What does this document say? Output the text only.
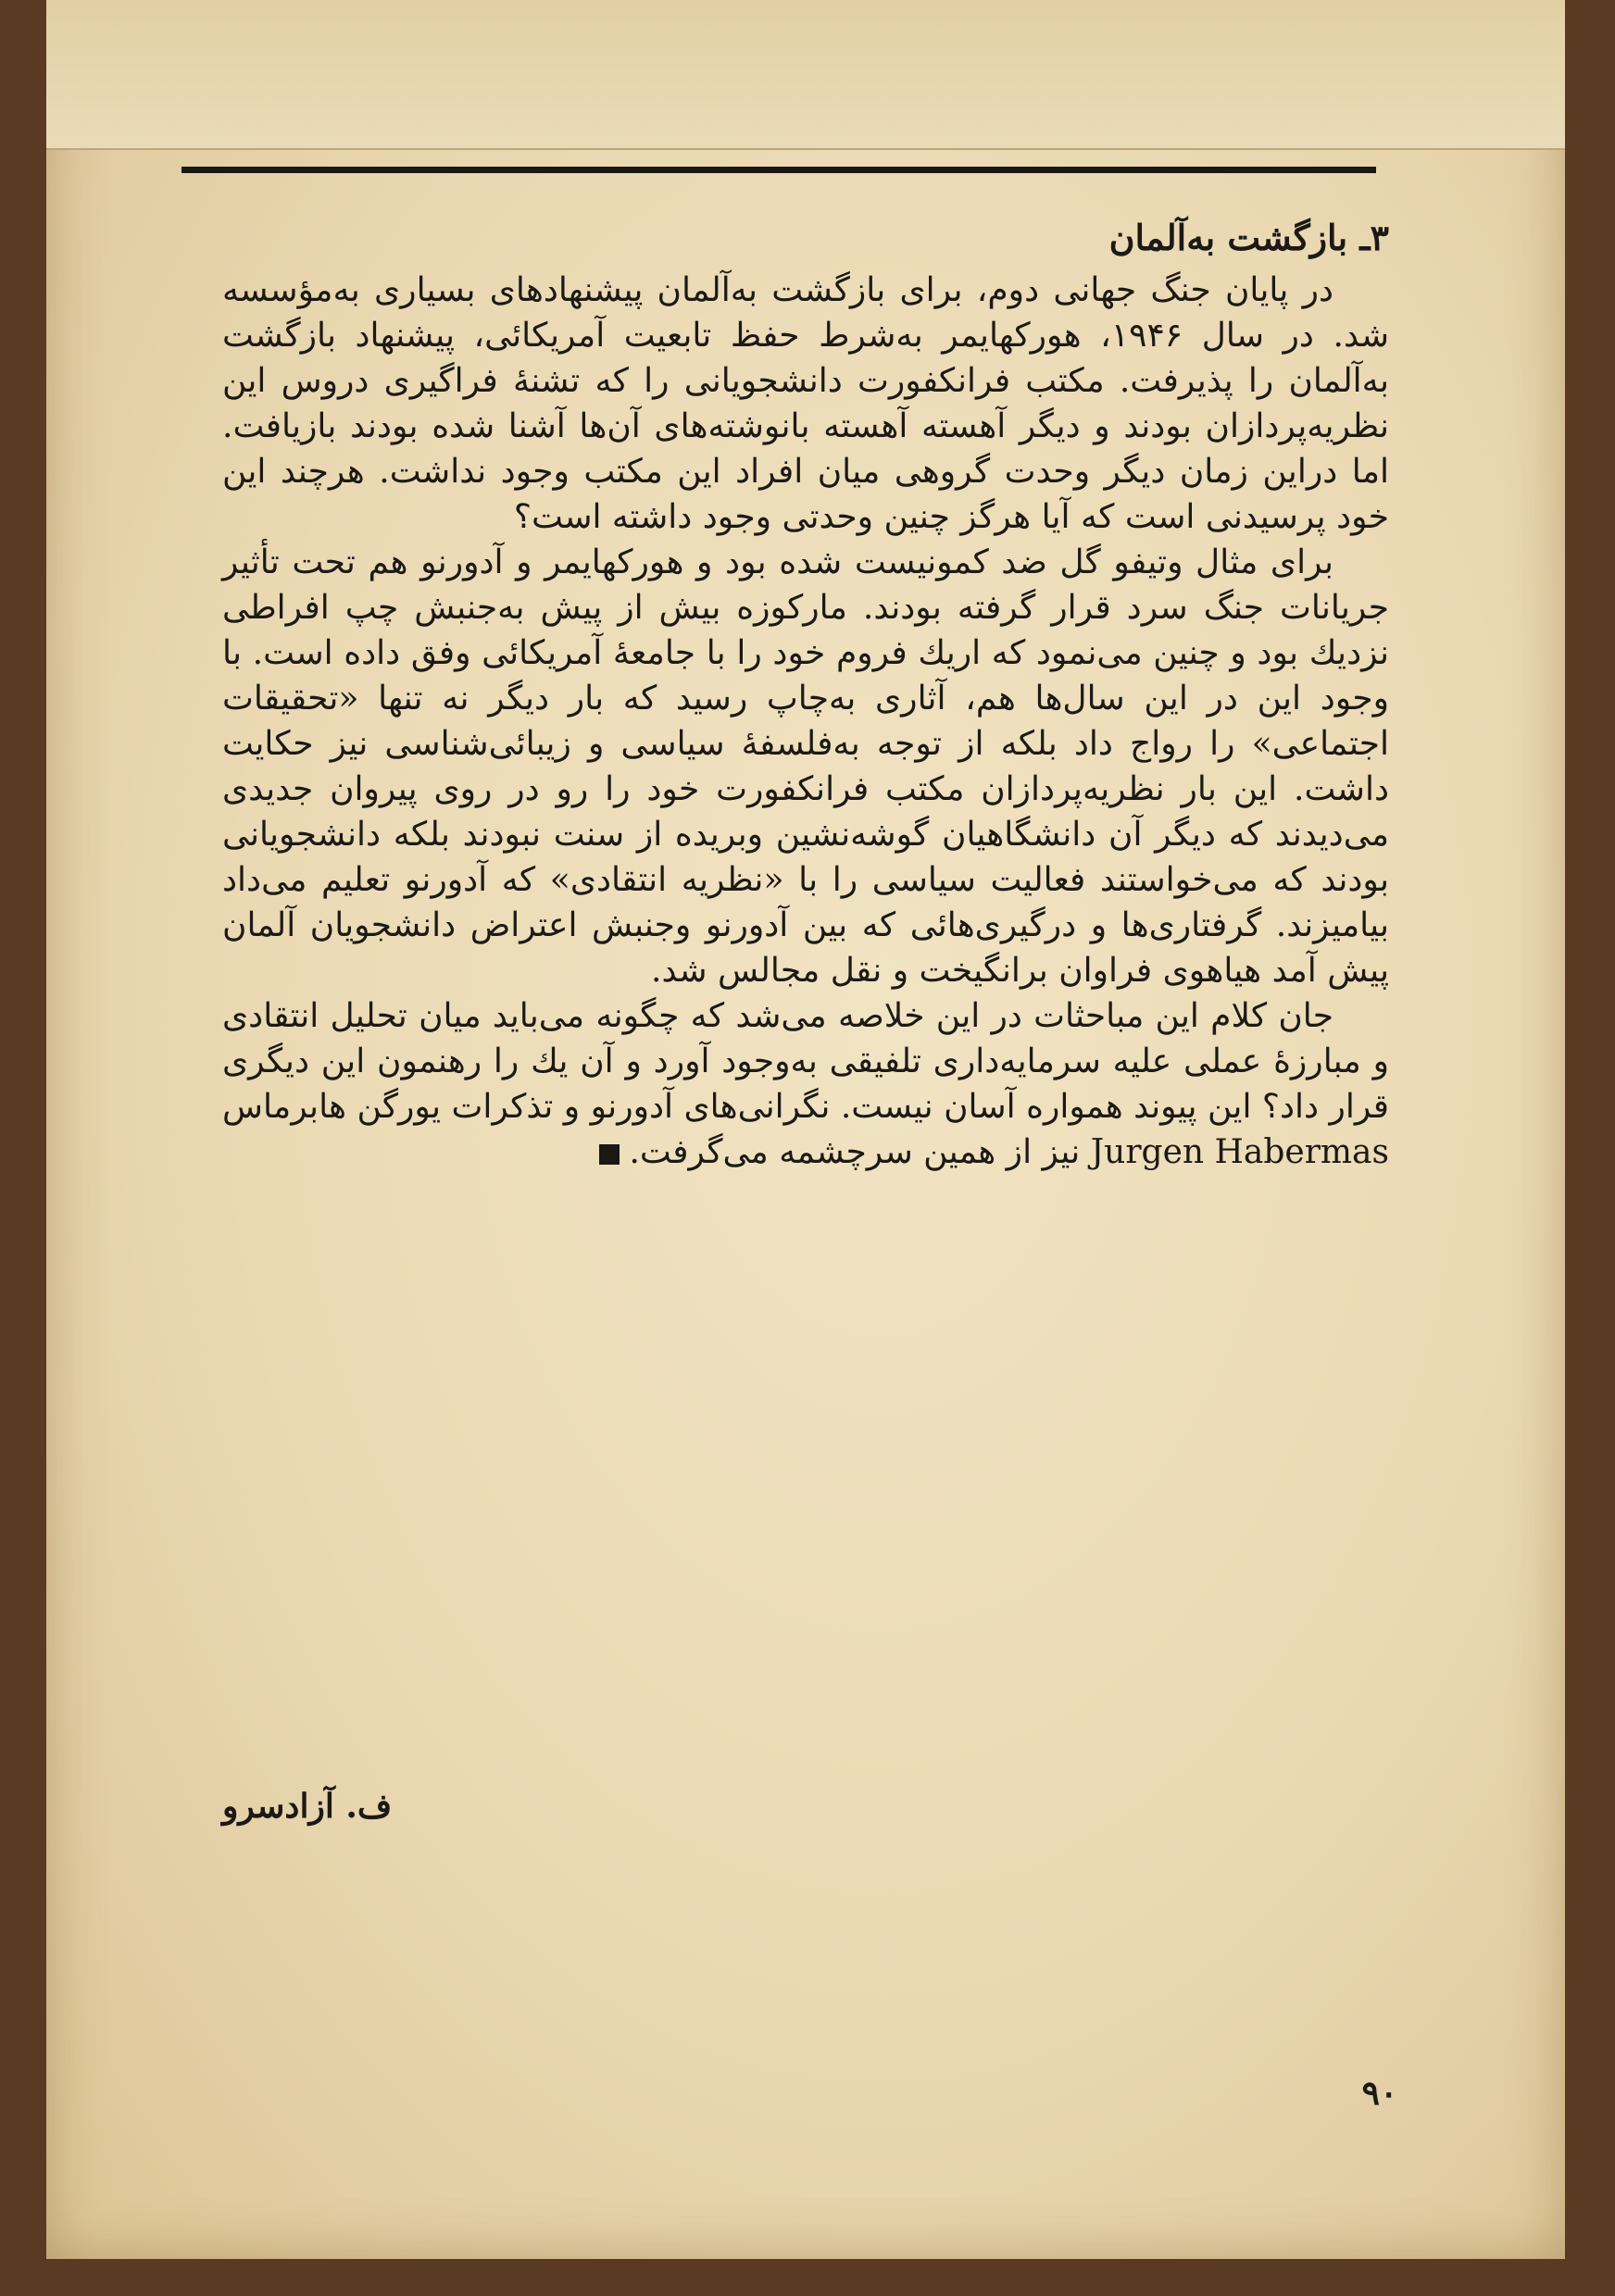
۳ـ بازگشت به‌آلمان

در پایان جنگ جهانی دوم، برای بازگشت به‌آلمان پیشنهادهای بسیاری به‌مؤسسه شد. در سال ۱۹۴۶، هورکهایمر به‌شرط حفظ تابعیت آمریکائی، پیشنهاد بازگشت به‌آلمان را پذیرفت. مکتب فرانکفورت دانشجویانی را که تشنهٔ فراگیری دروس این نظریه‌پردازان بودند و دیگر آهسته آهسته بانوشته‌های آن‌ها آشنا شده بودند بازیافت. اما دراین زمان دیگر وحدت گروهی میان افراد این مکتب وجود نداشت. هرچند این خود پرسیدنی است که آیا هرگز چنین وحدتی وجود داشته است؟

برای مثال وتیفو گل ضد کمونیست شده بود و هورکهایمر و آدورنو هم تحت تأثیر جریانات جنگ سرد قرار گرفته بودند. مارکوزه بیش از پیش به‌جنبش چپ افراطی نزدیك بود و چنین می‌نمود که اریك فروم خود را با جامعهٔ آمریکائی وفق داده است. با وجود این در این سال‌ها هم، آثاری به‌چاپ رسید که بار دیگر نه تنها «تحقیقات اجتماعی» را رواج داد بلکه از توجه به‌فلسفهٔ سیاسی و زیبائی‌شناسی نیز حکایت داشت. این بار نظریه‌پردازان مکتب فرانکفورت خود را رو در روی پیروان جدیدی می‌دیدند که دیگر آن دانشگاهیان گوشه‌نشین وبریده از سنت نبودند بلکه دانشجویانی بودند که می‌خواستند فعالیت سیاسی را با «نظریه انتقادی» که آدورنو تعلیم می‌داد بیامیزند. گرفتاری‌ها و درگیری‌هائی که بین آدورنو وجنبش اعتراض دانشجویان آلمان پیش آمد هیاهوی فراوان برانگیخت و نقل مجالس شد.

جان کلام این مباحثات در این خلاصه می‌شد که چگونه می‌باید میان تحلیل انتقادی و مبارزهٔ عملی علیه سرمایه‌داری تلفیقی به‌وجود آورد و آن یك را رهنمون این دیگری قرار داد؟ این پیوند همواره آسان نیست. نگرانی‌های آدورنو و تذکرات یورگن هابرماس Jurgen Habermas نیز از همین سرچشمه می‌گرفت.

ف. آزادسرو
۹۰
